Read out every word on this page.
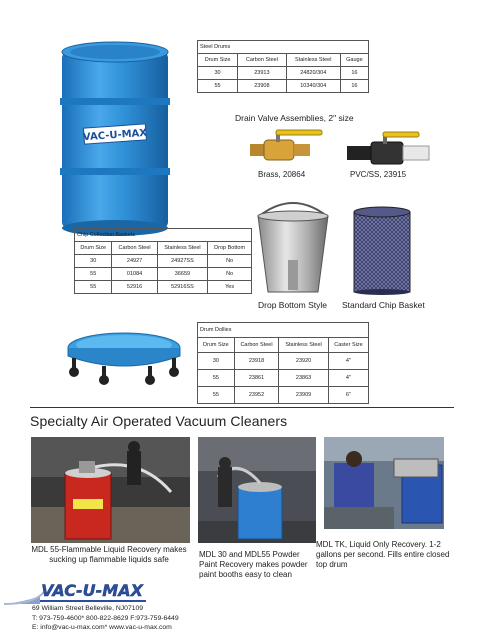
VAC-U-MAX
Steel Drums			
Drum Size	Carbon Steel	Stainless Steel	Gauge
30	23913	24820/304	16
55	23908	10340/304	16
Drain Valve Assemblies, 2" size
Brass, 20864	PVC/SS, 23915
Chip Collection Baskets			
Drum Size	Carbon Steel	Stainless Steel	Drop Bottom
30	24927	24927SS	No
55	01084	36659	No
55	52916	52916SS	Yes
Drop Bottom Style Standard Chip Basket
Drum Dollies			
Drum Size	Carbon Steel	Stainless Steel	Caster Size
30	23918	23920	4"
55	23861	23863	4"
55	23952	23909	6"
Specialty Air Operated Vacuum Cleaners
MDL 55-Flammable Liquid Recovery makes sucking up flammable liquids safe
MDL 30 and MDL55 Powder Paint Recovery makes powder paint booths easy to clean
MDL TK, Liquid Only Recovery. 1-2 gallons per second. Fills entire closed top drum
VAC-U-MAX
69 William Street Belleville, NJ07109
T: 973-759-4600* 800-822-8629 F:973-759-6449
E: info@vac-u-max.com* www.vac-u-max.com
